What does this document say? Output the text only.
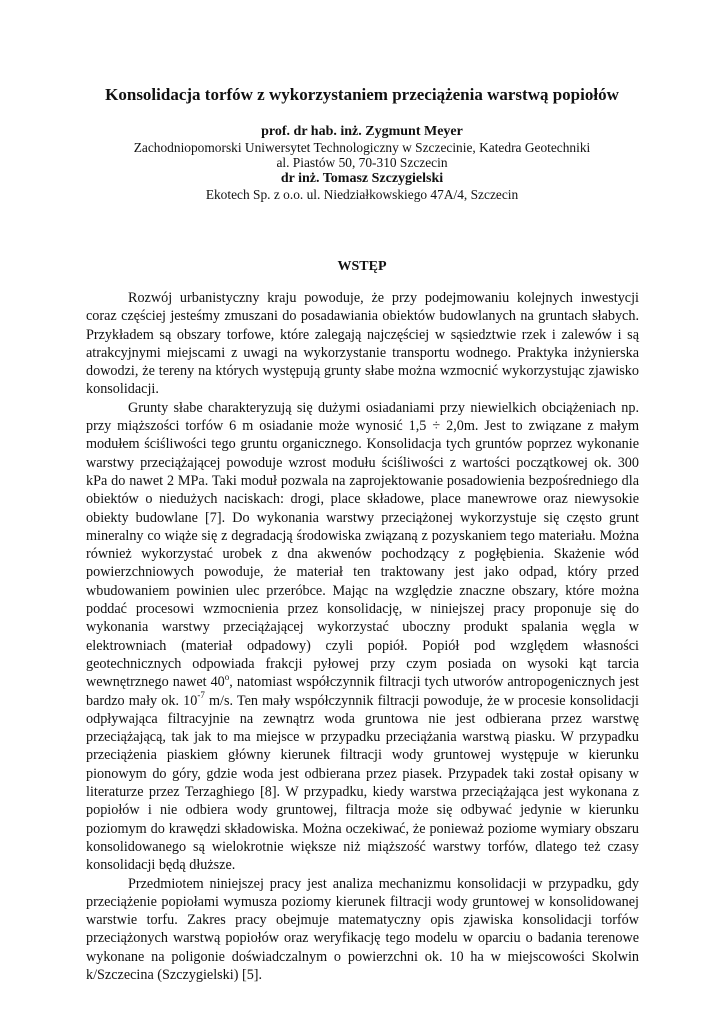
Konsolidacja torfów z wykorzystaniem przeciążenia warstwą popiołów
prof. dr hab. inż. Zygmunt Meyer
Zachodniopomorski Uniwersytet Technologiczny w Szczecinie, Katedra Geotechniki
al. Piastów 50, 70-310 Szczecin
dr inż. Tomasz Szczygielski
Ekotech Sp. z o.o. ul. Niedziałkowskiego 47A/4, Szczecin
WSTĘP

Rozwój urbanistyczny kraju powoduje, że przy podejmowaniu kolejnych inwestycji coraz częściej jesteśmy zmuszani do posadawiania obiektów budowlanych na gruntach słabych. Przykładem są obszary torfowe, które zalegają najczęściej w sąsiedztwie rzek i zalewów i są atrakcyjnymi miejscami z uwagi na wykorzystanie transportu wodnego. Praktyka inżynierska dowodzi, że tereny na których występują grunty słabe można wzmocnić wykorzystując zjawisko konsolidacji.

Grunty słabe charakteryzują się dużymi osiadaniami przy niewielkich obciążeniach np. przy miąższości torfów 6 m osiadanie może wynosić 1,5 ÷ 2,0m. Jest to związane z małym modułem ściśliwości tego gruntu organicznego. Konsolidacja tych gruntów poprzez wykonanie warstwy przeciążającej powoduje wzrost modułu ściśliwości z wartości początkowej ok. 300 kPa do nawet 2 MPa. Taki moduł pozwala na zaprojektowanie posadowienia bezpośredniego dla obiektów o niedużych naciskach: drogi, place składowe, place manewrowe oraz niewysokie obiekty budowlane [7]. Do wykonania warstwy przeciążonej wykorzystuje się często grunt mineralny co wiąże się z degradacją środowiska związaną z pozyskaniem tego materiału. Można również wykorzystać urobek z dna akwenów pochodzący z pogłębienia. Skażenie wód powierzchniowych powoduje, że materiał ten traktowany jest jako odpad, który przed wbudowaniem powinien ulec przeróbce. Mając na względzie znaczne obszary, które można poddać procesowi wzmocnienia przez konsolidację, w niniejszej pracy proponuje się do wykonania warstwy przeciążającej wykorzystać uboczny produkt spalania węgla w elektrowniach (materiał odpadowy) czyli popiół. Popiół pod względem własności geotechnicznych odpowiada frakcji pyłowej przy czym posiada on wysoki kąt tarcia wewnętrznego nawet 40$^o$, natomiast współczynnik filtracji tych utworów antropogenicznych jest bardzo mały ok. $10^{-7}$ m/s. Ten mały współczynnik filtracji powoduje, że w procesie konsolidacji odpływająca filtracyjnie na zewnątrz woda gruntowa nie jest odbierana przez warstwę przeciążającą, tak jak to ma miejsce w przypadku przeciążania warstwą piasku. W przypadku przeciążenia piaskiem główny kierunek filtracji wody gruntowej występuje w kierunku pionowym do góry, gdzie woda jest odbierana przez piasek. Przypadek taki został opisany w literaturze przez Terzaghiego [8]. W przypadku, kiedy warstwa przeciążająca jest wykonana z popiołów i nie odbiera wody gruntowej, filtracja może się odbywać jedynie w kierunku poziomym do krawędzi składowiska. Można oczekiwać, że ponieważ poziome wymiary obszaru konsolidowanego są wielokrotnie większe niż miąższość warstwy torfów, dlatego też czasy konsolidacji będą dłuższe.

Przedmiotem niniejszej pracy jest analiza mechanizmu konsolidacji w przypadku, gdy przeciążenie popiołami wymusza poziomy kierunek filtracji wody gruntowej w konsolidowanej warstwie torfu. Zakres pracy obejmuje matematyczny opis zjawiska konsolidacji torfów przeciążonych warstwą popiołów oraz weryfikację tego modelu w oparciu o badania terenowe wykonane na poligonie doświadczalnym o powierzchni ok. 10 ha w miejscowości Skolwin k/Szczecina (Szczygielski) [5].
